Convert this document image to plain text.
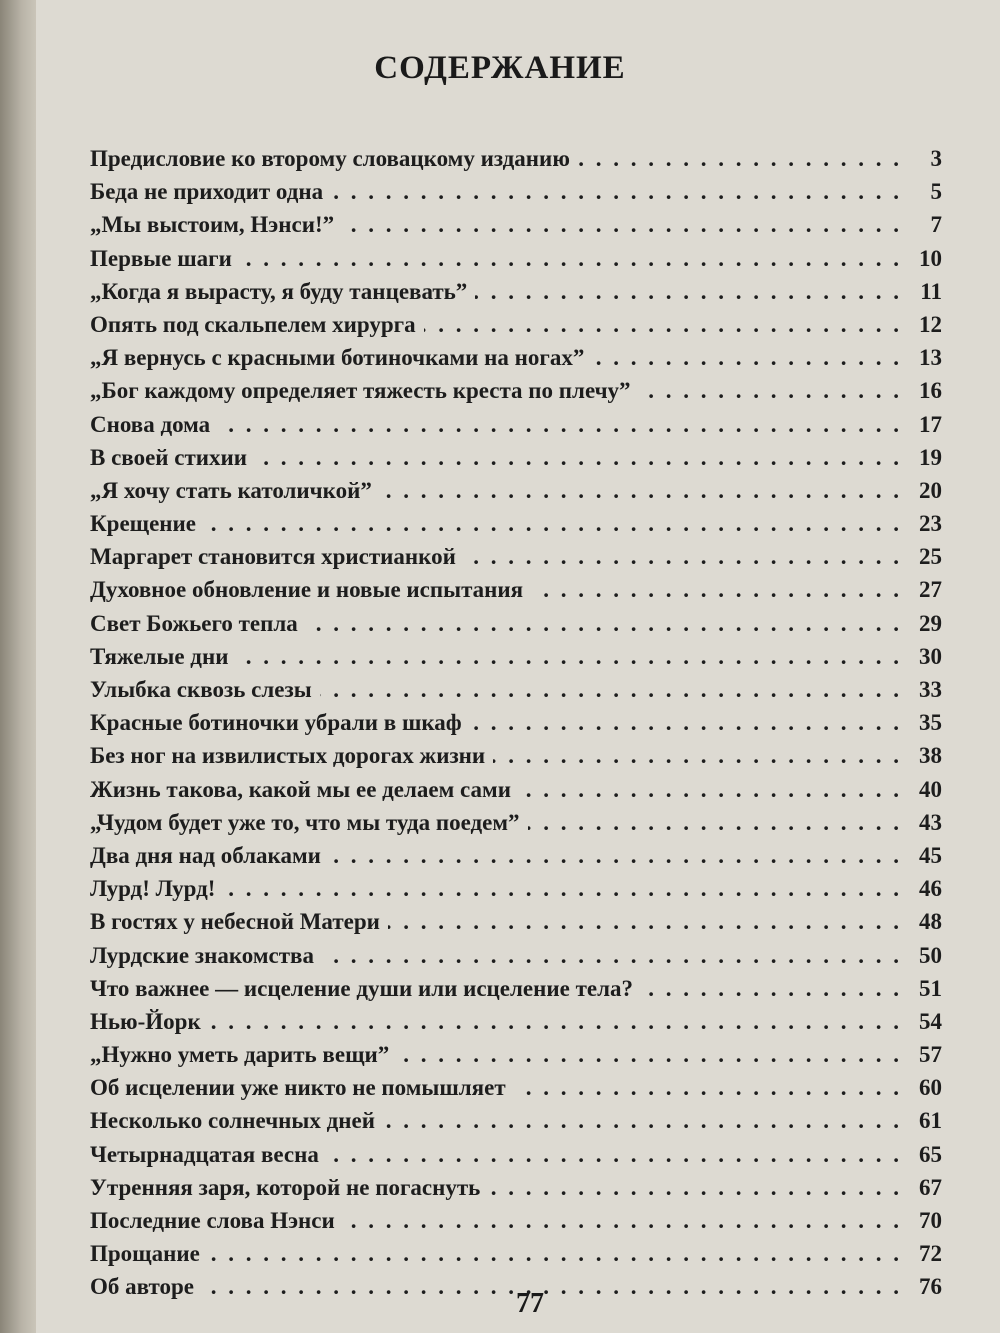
СОДЕРЖАНИЕ
. . .
Предисловие ко второму словацкому изданию	3
. . .
Беда не приходит одна	5
. . .
„Мы выстоим, Нэнси!”	7
. . .
Первые шаги	10
. . .
„Когда я вырасту, я буду танцевать”	11
. . .
Опять под скальпелем хирурга	12
. . .
„Я вернусь с красными ботиночками на ногах”	13
. . .
„Бог каждому определяет тяжесть креста по плечу”	16
. . .
Снова дома	17
. . .
В своей стихии	19
. . .
„Я хочу стать католичкой”	20
. . .
Крещение	23
. . .
Маргарет становится христианкой	25
. . .
Духовное обновление и новые испытания	27
. . .
Свет Божьего тепла	29
. . .
Тяжелые дни	30
. . .
Улыбка сквозь слезы	33
. . .
Красные ботиночки убрали в шкаф	35
. . .
Без ног на извилистых дорогах жизни	38
. . .
Жизнь такова, какой мы ее делаем сами	40
. . .
„Чудом будет уже то, что мы туда поедем”	43
. . .
Два дня над облаками	45
. . .
Лурд! Лурд!	46
. . .
В гостях у небесной Матери	48
. . .
Лурдские знакомства	50
. . .
Что важнее — исцеление души или исцеление тела?	51
. . .
Нью-Йорк	54
. . .
„Нужно уметь дарить вещи”	57
. . .
Об исцелении уже никто не помышляет	60
. . .
Несколько солнечных дней	61
. . .
Четырнадцатая весна	65
. . .
Утренняя заря, которой не погаснуть	67
. . .
Последние слова Нэнси	70
. . .
Прощание	72
. . .
Об авторе	76
77
